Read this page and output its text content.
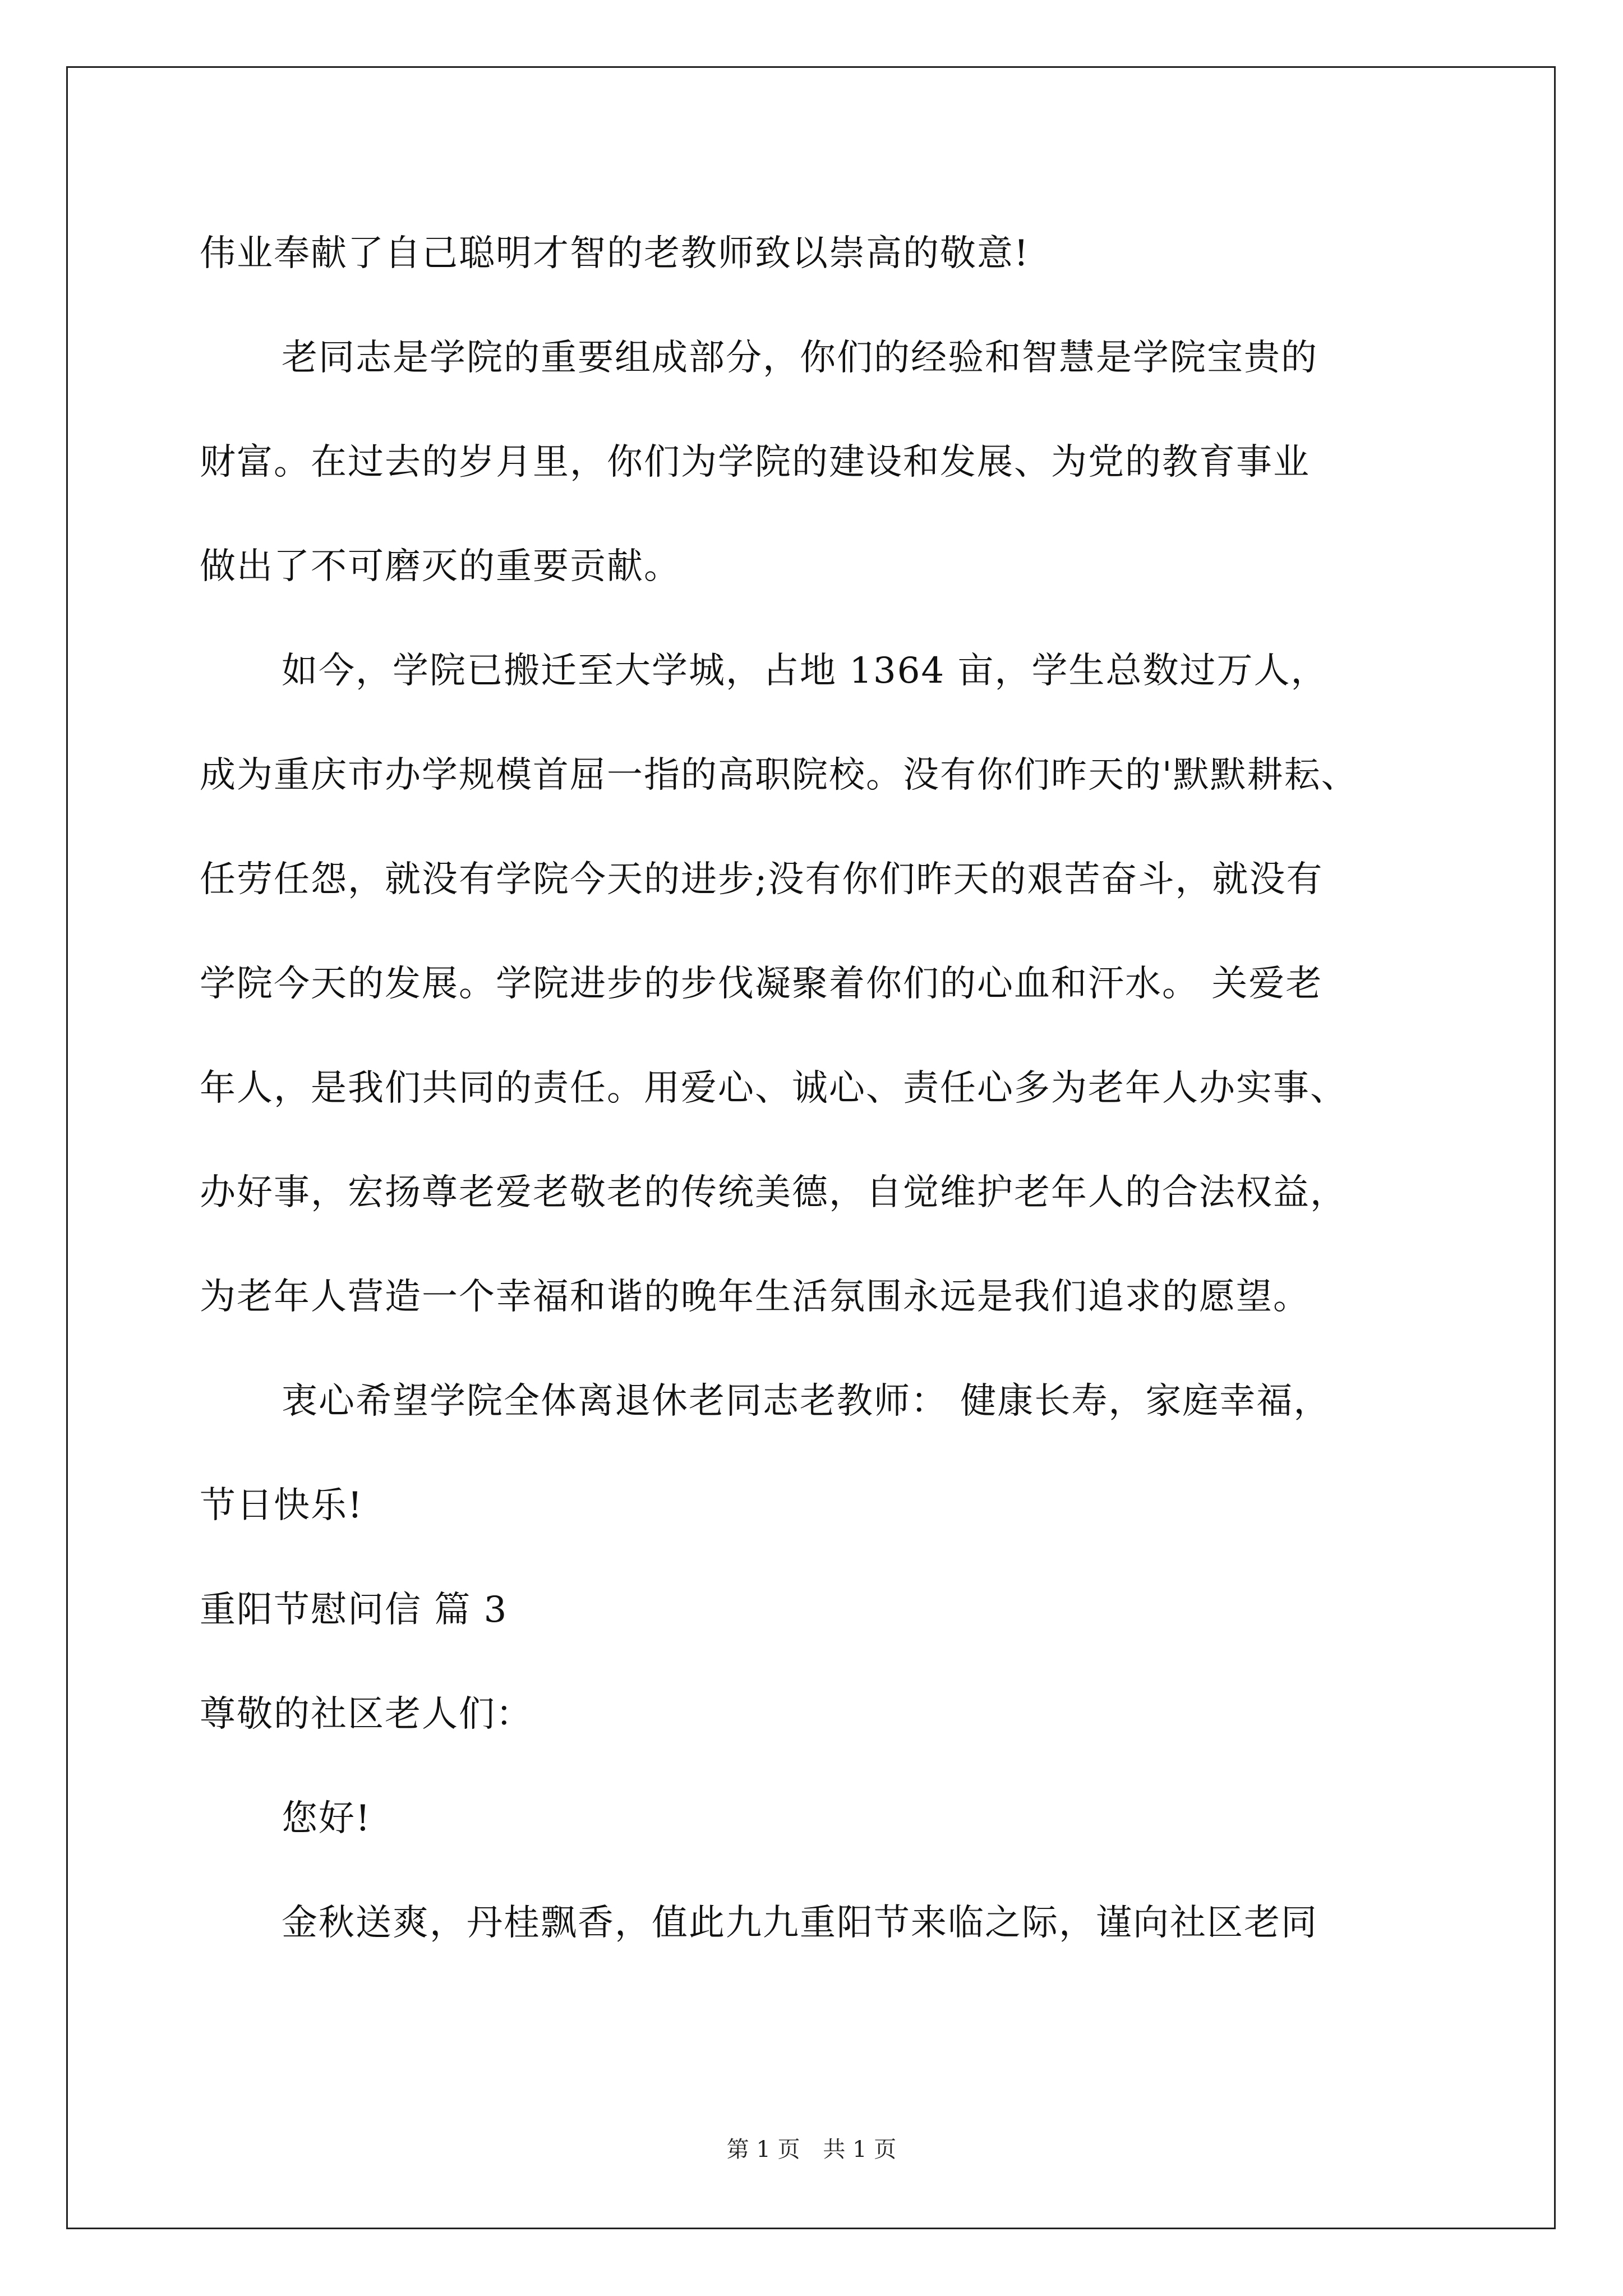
伟业奉献了自己聪明才智的老教师致以崇高的敬意!
老同志是学院的重要组成部分，你们的经验和智慧是学院宝贵的
财富。在过去的岁月里，你们为学院的建设和发展、为党的教育事业
做出了不可磨灭的重要贡献。
如今，学院已搬迁至大学城，占地 1364 亩，学生总数过万人，
成为重庆市办学规模首屈一指的高职院校。没有你们昨天的'默默耕耘、
任劳任怨，就没有学院今天的进步;没有你们昨天的艰苦奋斗，就没有
学院今天的发展。学院进步的步伐凝聚着你们的心血和汗水。 关爱老
年人，是我们共同的责任。用爱心、诚心、责任心多为老年人办实事、
办好事，宏扬尊老爱老敬老的传统美德，自觉维护老年人的合法权益，
为老年人营造一个幸福和谐的晚年生活氛围永远是我们追求的愿望。
衷心希望学院全体离退休老同志老教师： 健康长寿，家庭幸福，
节日快乐!
重阳节慰问信 篇 3
尊敬的社区老人们：
您好!
金秋送爽，丹桂飘香，值此九九重阳节来临之际，谨向社区老同
第 1 页 共 1 页
